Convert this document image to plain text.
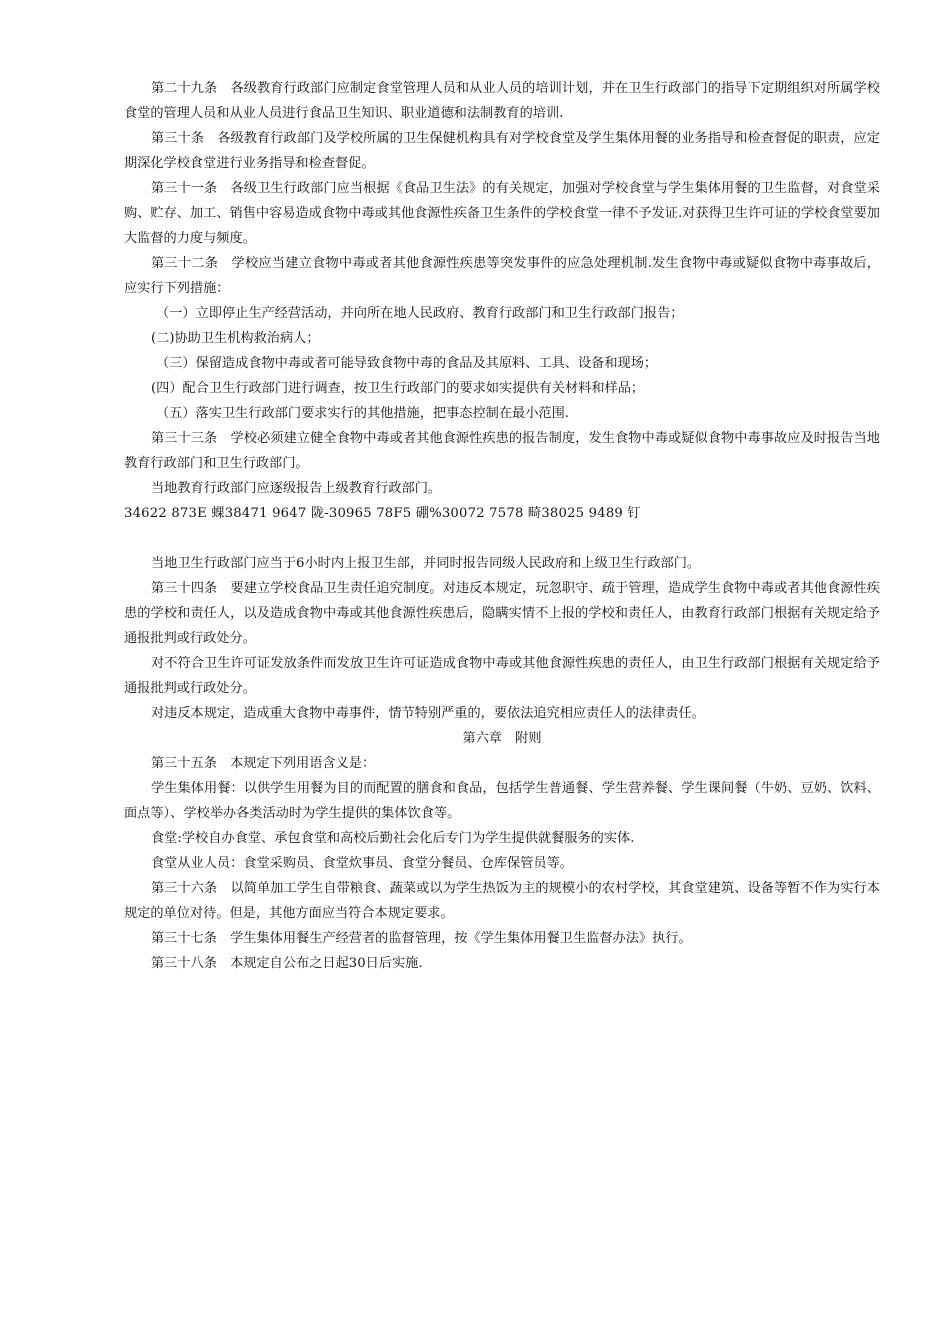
第二十九条　各级教育行政部门应制定食堂管理人员和从业人员的培训计划，并在卫生行政部门的指导下定期组织对所属学校食堂的管理人员和从业人员进行食品卫生知识、职业道德和法制教育的培训.

第三十条　各级教育行政部门及学校所属的卫生保健机构具有对学校食堂及学生集体用餐的业务指导和检查督促的职责，应定期深化学校食堂进行业务指导和检查督促。

第三十一条　各级卫生行政部门应当根据《食品卫生法》的有关规定，加强对学校食堂与学生集体用餐的卫生监督，对食堂采购、贮存、加工、销售中容易造成食物中毒或其他食源性疾备卫生条件的学校食堂一律不予发证.对获得卫生许可证的学校食堂要加大监督的力度与频度。

第三十二条　学校应当建立食物中毒或者其他食源性疾患等突发事件的应急处理机制.发生食物中毒或疑似食物中毒事故后，应实行下列措施：

（一）立即停止生产经营活动，并向所在地人民政府、教育行政部门和卫生行政部门报告；

(二)协助卫生机构救治病人；

（三）保留造成食物中毒或者可能导致食物中毒的食品及其原料、工具、设备和现场；

(四）配合卫生行政部门进行调查，按卫生行政部门的要求如实提供有关材料和样品；

（五）落实卫生行政部门要求实行的其他措施，把事态控制在最小范围.

第三十三条　学校必须建立健全食物中毒或者其他食源性疾患的报告制度，发生食物中毒或疑似食物中毒事故应及时报告当地教育行政部门和卫生行政部门。

当地教育行政部门应逐级报告上级教育行政部门。

34622 873E 蜾38471 9647 陇-30965 78F5 硼%30072 7578 畸38025 9489 钉

当地卫生行政部门应当于6小时内上报卫生部，并同时报告同级人民政府和上级卫生行政部门。

第三十四条　要建立学校食品卫生责任追究制度。对违反本规定，玩忽职守、疏于管理，造成学生食物中毒或者其他食源性疾患的学校和责任人，以及造成食物中毒或其他食源性疾患后，隐瞒实情不上报的学校和责任人，由教育行政部门根据有关规定给予通报批判或行政处分。

对不符合卫生许可证发放条件而发放卫生许可证造成食物中毒或其他食源性疾患的责任人，由卫生行政部门根据有关规定给予通报批判或行政处分。

对违反本规定，造成重大食物中毒事件，情节特别严重的，要依法追究相应责任人的法律责任。

第六章　附则

第三十五条　本规定下列用语含义是：

学生集体用餐：以供学生用餐为目的而配置的膳食和食品，包括学生普通餐、学生营养餐、学生课间餐（牛奶、豆奶、饮料、面点等）、学校举办各类活动时为学生提供的集体饮食等。

食堂:学校自办食堂、承包食堂和高校后勤社会化后专门为学生提供就餐服务的实体.

食堂从业人员：食堂采购员、食堂炊事员、食堂分餐员、仓库保管员等。

第三十六条　以简单加工学生自带粮食、蔬菜或以为学生热饭为主的规模小的农村学校，其食堂建筑、设备等暂不作为实行本规定的单位对待。但是，其他方面应当符合本规定要求。

第三十七条　学生集体用餐生产经营者的监督管理，按《学生集体用餐卫生监督办法》执行。

第三十八条　本规定自公布之日起30日后实施.
